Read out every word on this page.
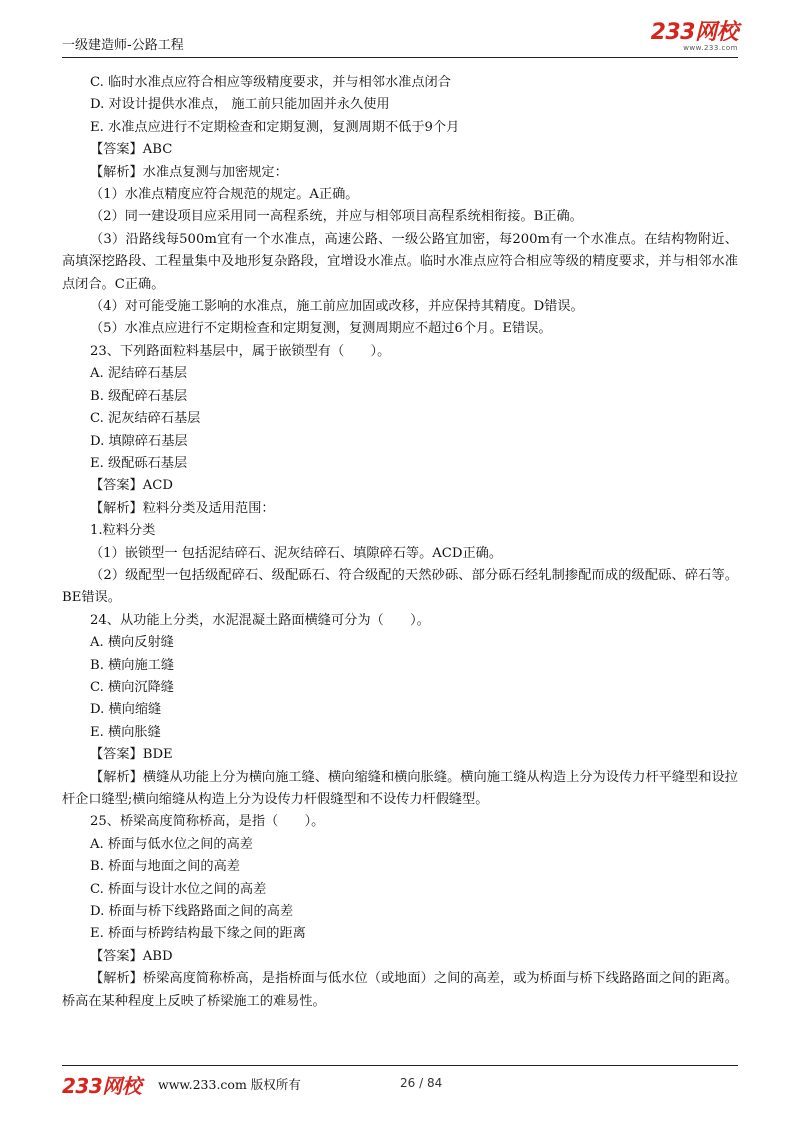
一级建造师-公路工程
233网校
www.233.com
C. 临时水准点应符合相应等级精度要求，并与相邻水准点闭合
D. 对设计提供水准点， 施工前只能加固并永久使用
E. 水准点应进行不定期检查和定期复测，复测周期不低于9个月
【答案】ABC
【解析】水准点复测与加密规定：
（1）水准点精度应符合规范的规定。A正确。
（2）同一建设项目应采用同一高程系统，并应与相邻项目高程系统相衔接。B正确。
（3）沿路线每500m宜有一个水准点，高速公路、一级公路宜加密，每200m有一个水准点。在结构物附近、高填深挖路段、工程量集中及地形复杂路段，宜增设水准点。临时水准点应符合相应等级的精度要求，并与相邻水准点闭合。C正确。
（4）对可能受施工影响的水准点，施工前应加固或改移，并应保持其精度。D错误。
（5）水准点应进行不定期检查和定期复测，复测周期应不超过6个月。E错误。
23、下列路面粒料基层中，属于嵌锁型有（　　）。
A. 泥结碎石基层
B. 级配碎石基层
C. 泥灰结碎石基层
D. 填隙碎石基层
E. 级配砾石基层
【答案】ACD
【解析】粒料分类及适用范围：
1.粒料分类
（1）嵌锁型一 包括泥结碎石、泥灰结碎石、填隙碎石等。ACD正确。
（2）级配型一包括级配碎石、级配砾石、符合级配的天然砂砾、部分砾石经轧制掺配而成的级配砾、碎石等。BE错误。
24、从功能上分类，水泥混凝土路面横缝可分为（　　）。
A. 横向反射缝
B. 横向施工缝
C. 横向沉降缝
D. 横向缩缝
E. 横向胀缝
【答案】BDE
【解析】横缝从功能上分为横向施工缝、横向缩缝和横向胀缝。横向施工缝从构造上分为设传力杆平缝型和设拉杆企口缝型;横向缩缝从构造上分为设传力杆假缝型和不设传力杆假缝型。
25、桥梁高度简称桥高，是指（　　）。
A. 桥面与低水位之间的高差
B. 桥面与地面之间的高差
C. 桥面与设计水位之间的高差
D. 桥面与桥下线路路面之间的高差
E. 桥面与桥跨结构最下缘之间的距离
【答案】ABD
【解析】桥梁高度简称桥高，是指桥面与低水位（或地面）之间的高差，或为桥面与桥下线路路面之间的距离。桥高在某种程度上反映了桥梁施工的难易性。
233网校 www.233.com 版权所有	26 / 84
